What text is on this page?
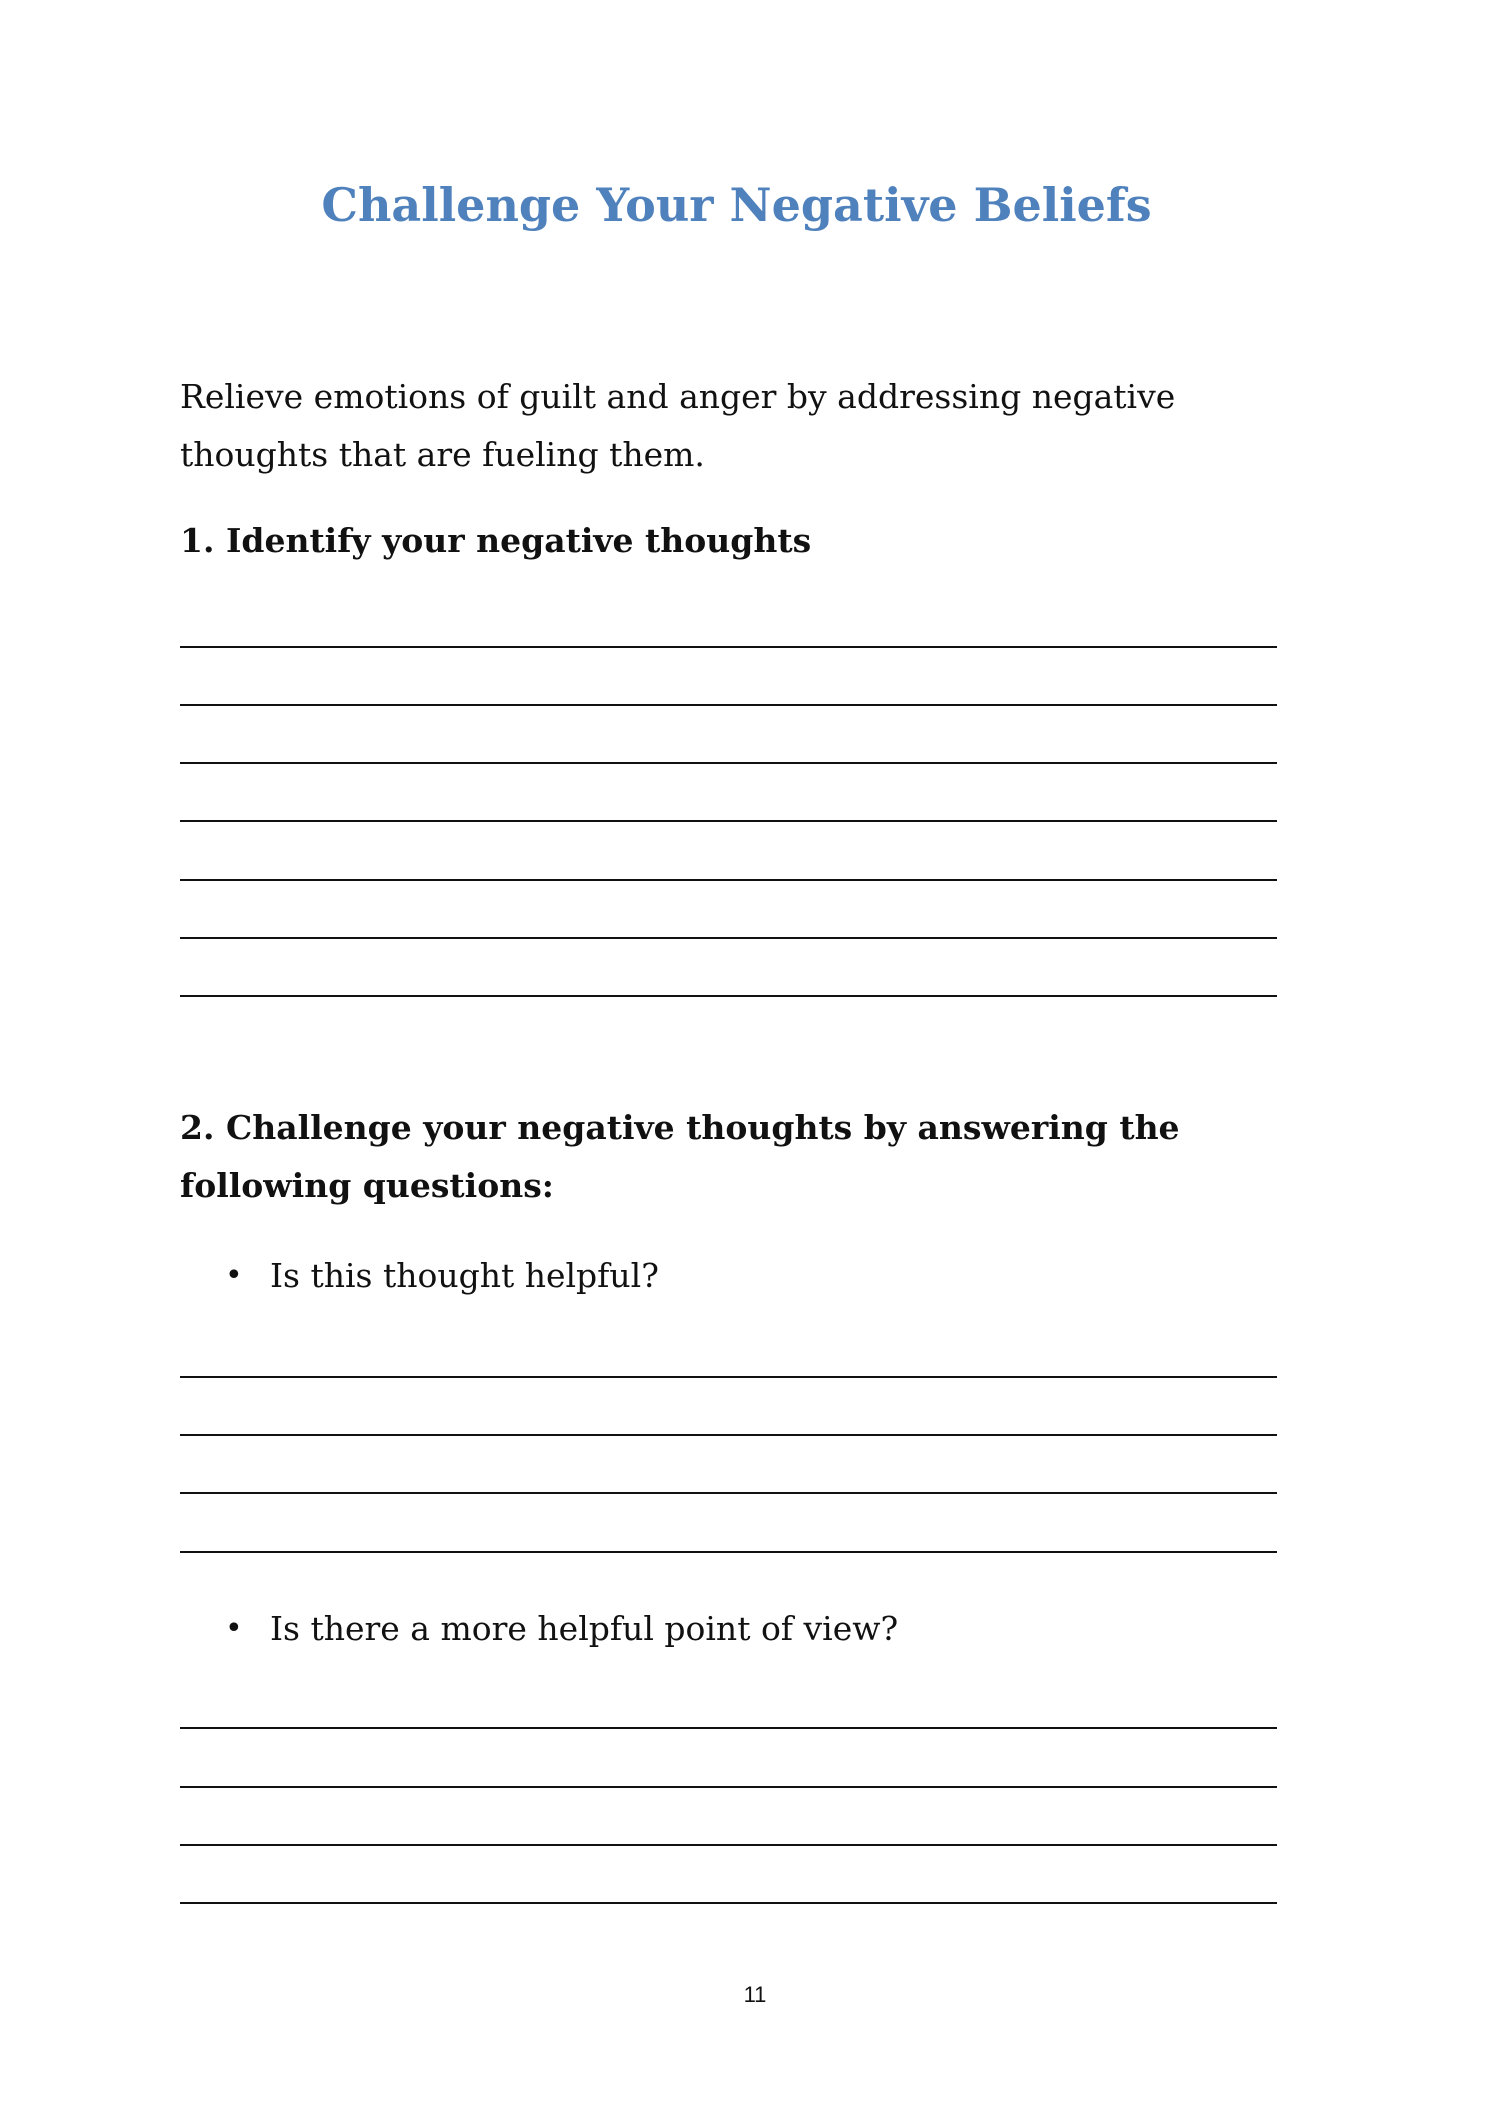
Challenge Your Negative Beliefs

Relieve emotions of guilt and anger by addressing negative thoughts that are fueling them.

1. Identify your negative thoughts

2. Challenge your negative thoughts by answering the following questions:

• Is this thought helpful?
• Is there a more helpful point of view?

11
